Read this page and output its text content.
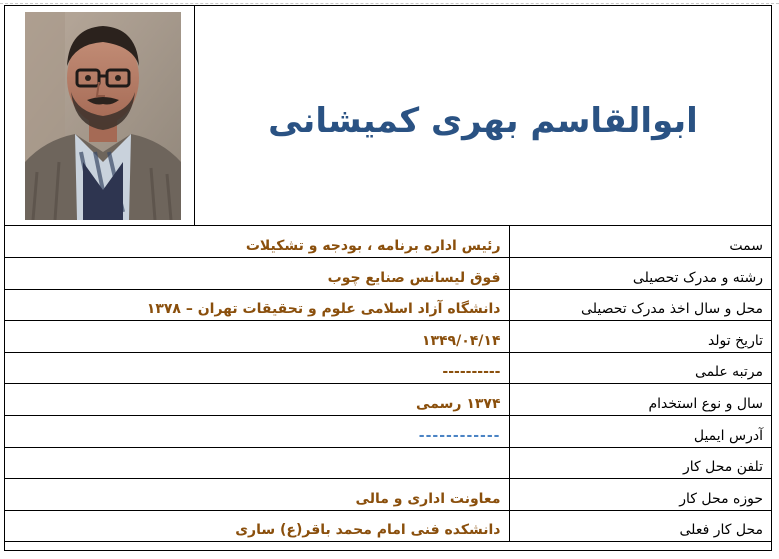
ابوالقاسم بهری کمیشانی
رئیس اداره برنامه ، بودجه و تشکیلات	سمت
فوق لیسانس صنایع چوب	رشته و مدرک تحصیلی
دانشگاه آزاد اسلامی علوم و تحقیقات تهران – ۱۳۷۸	محل و سال اخذ مدرک تحصیلی
۱۳۴۹/۰۴/۱۴	تاریخ تولد
----------	مرتبه علمی
۱۳۷۴ رسمی	سال و نوع استخدام
------------	آدرس ایمیل
	تلفن محل کار
معاونت اداری و مالی	حوزه محل کار
دانشکده فنی امام محمد باقر(ع) ساری	محل کار فعلی
